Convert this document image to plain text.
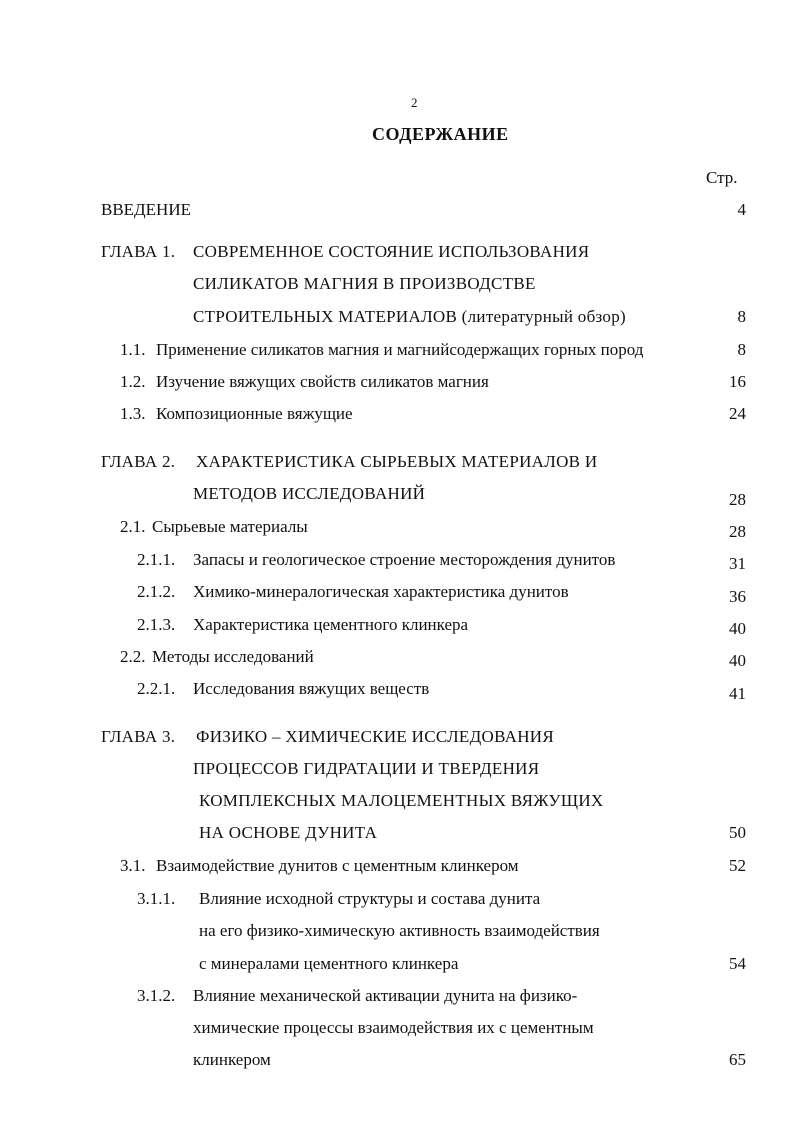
2
СОДЕРЖАНИЕ
Стр.
ВВЕДЕНИЕ	4
ГЛАВА 1. СОВРЕМЕННОЕ СОСТОЯНИЕ ИСПОЛЬЗОВАНИЯ
СИЛИКАТОВ МАГНИЯ В ПРОИЗВОДСТВЕ
СТРОИТЕЛЬНЫХ МАТЕРИАЛОВ (литературный обзор)	8
1.1. Применение силикатов магния и магнийсодержащих горных пород	8
1.2. Изучение вяжущих свойств силикатов магния	16
1.3. Композиционные вяжущие	24
ГЛАВА 2. ХАРАКТЕРИСТИКА СЫРЬЕВЫХ МАТЕРИАЛОВ И
МЕТОДОВ ИССЛЕДОВАНИЙ	28
2.1. Сырьевые материалы	28
2.1.1. Запасы и геологическое строение месторождения дунитов	31
2.1.2. Химико-минералогическая характеристика дунитов	36
2.1.3. Характеристика цементного клинкера	40
2.2. Методы исследований	40
2.2.1. Исследования вяжущих веществ	41
ГЛАВА 3. ФИЗИКО – ХИМИЧЕСКИЕ ИССЛЕДОВАНИЯ
ПРОЦЕССОВ ГИДРАТАЦИИ И ТВЕРДЕНИЯ
КОМПЛЕКСНЫХ МАЛОЦЕМЕНТНЫХ ВЯЖУЩИХ
НА ОСНОВЕ ДУНИТА	50
3.1. Взаимодействие дунитов с цементным клинкером	52
3.1.1. Влияние исходной структуры и состава дунита
на его физико-химическую активность взаимодействия
с минералами цементного клинкера	54
3.1.2. Влияние механической активации дунита на физико-
химические процессы взаимодействия их с цементным
клинкером	65
